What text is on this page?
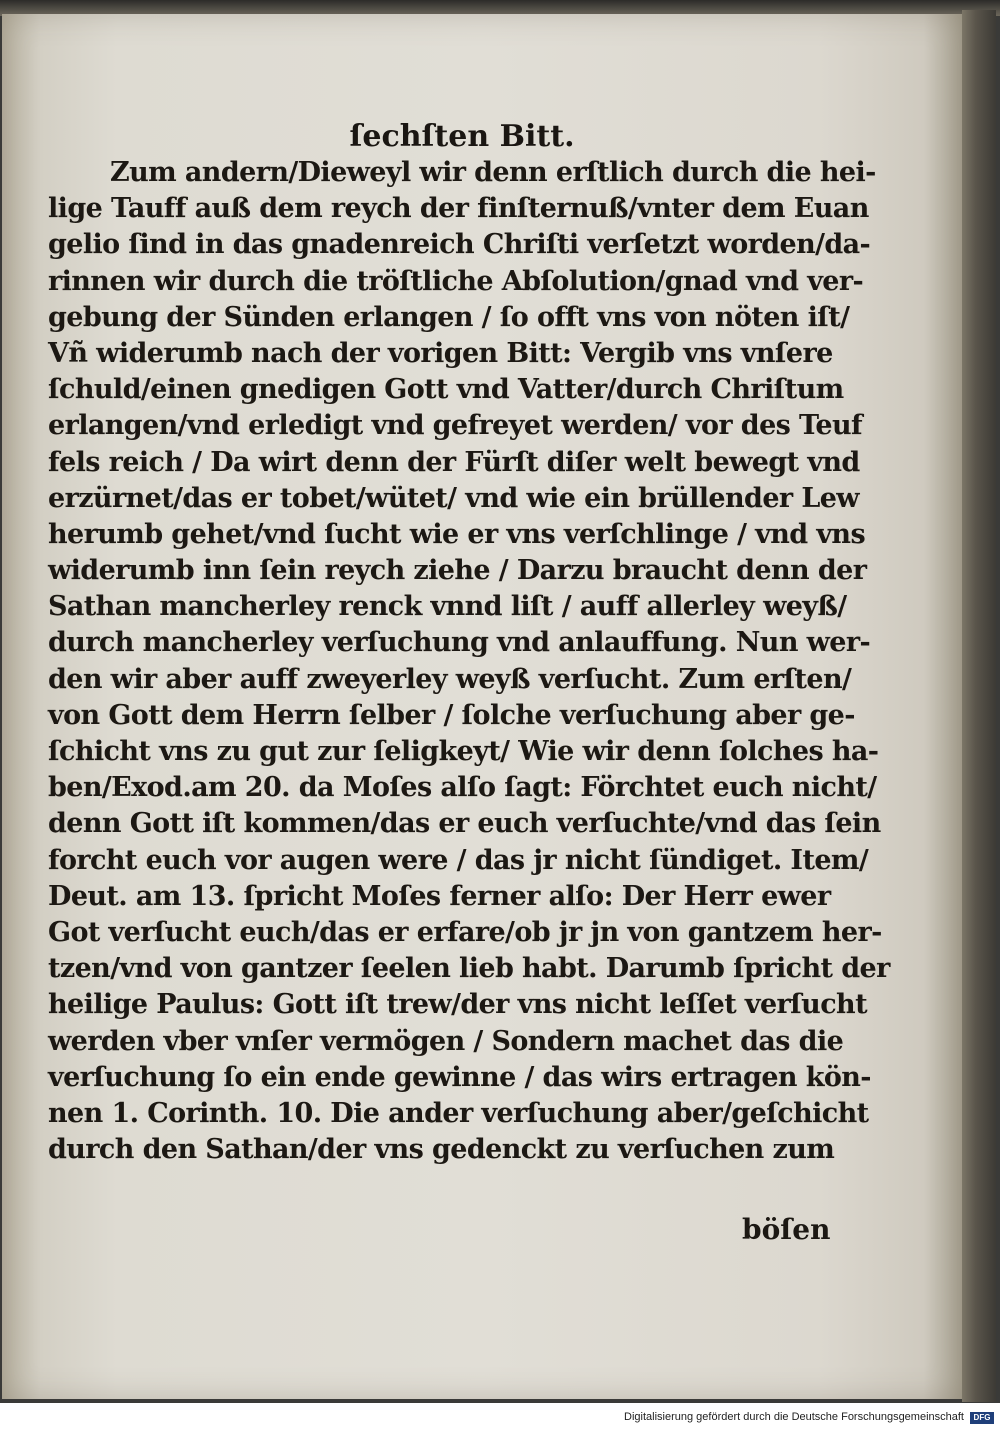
ſechſten Bitt.
Zum andern/Dieweyl wir denn erſtlich durch die hei-
lige Tauff auß dem reych der finſternuß/vnter dem Euan
gelio ſind in das gnadenreich Chriſti verſetzt worden/da-
rinnen wir durch die tröſtliche Abſolution/gnad vnd ver-
gebung der Sünden erlangen / ſo offt vns von nöten iſt/
Vñ widerumb nach der vorigen Bitt: Vergib vns vnſere
ſchuld/einen gnedigen Gott vnd Vatter/durch Chriſtum
erlangen/vnd erledigt vnd gefreyet werden/ vor des Teuf
fels reich / Da wirt denn der Fürſt diſer welt bewegt vnd
erzürnet/das er tobet/wütet/ vnd wie ein brüllender Lew
herumb gehet/vnd ſucht wie er vns verſchlinge / vnd vns
widerumb inn ſein reych ziehe / Darzu braucht denn der
Sathan mancherley renck vnnd liſt / auff allerley weyß/
durch mancherley verſuchung vnd anlauffung. Nun wer-
den wir aber auff zweyerley weyß verſucht. Zum erſten/
von Gott dem Herrn ſelber / ſolche verſuchung aber ge-
ſchicht vns zu gut zur ſeligkeyt/ Wie wir denn ſolches ha-
ben/Exod.am 20. da Moſes alſo ſagt: Förchtet euch nicht/
denn Gott iſt kommen/das er euch verſuchte/vnd das ſein
forcht euch vor augen were / das jr nicht ſündiget. Item/
Deut. am 13. ſpricht Moſes ferner alſo: Der Herr ewer
Got verſucht euch/das er erfare/ob jr jn von gantzem her-
tzen/vnd von gantzer ſeelen lieb habt. Darumb ſpricht der
heilige Paulus: Gott iſt trew/der vns nicht leſſet verſucht
werden vber vnſer vermögen / Sondern machet das die
verſuchung ſo ein ende gewinne / das wirs ertragen kön-
nen 1. Corinth. 10. Die ander verſuchung aber/geſchicht
durch den Sathan/der vns gedenckt zu verſuchen zum
böſen
Digitalisierung gefördert durch die Deutsche Forschungsgemeinschaft	DFG
